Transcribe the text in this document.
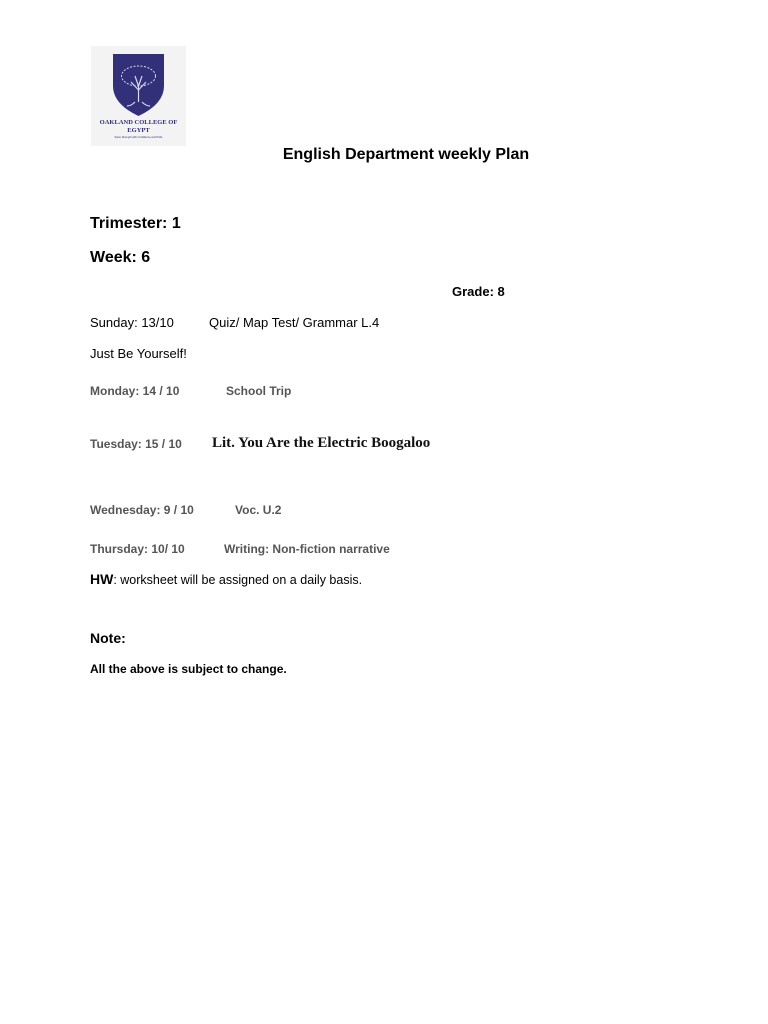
OAKLAND COLLEGE OF
EGYPT
Seize Strength with Confidence and Pride
English Department weekly Plan
Trimester: 1
Week: 6
Grade: 8
Sunday: 13/10	Quiz/ Map Test/ Grammar L.4
Just Be Yourself!
Monday: 14 / 10	School Trip
Tuesday: 15 / 10 Lit. You Are the Electric Boogaloo
Wednesday: 9 / 10	Voc. U.2
Thursday: 10/ 10	Writing: Non-fiction narrative
HW: worksheet will be assigned on a daily basis.
Note:
All the above is subject to change.
